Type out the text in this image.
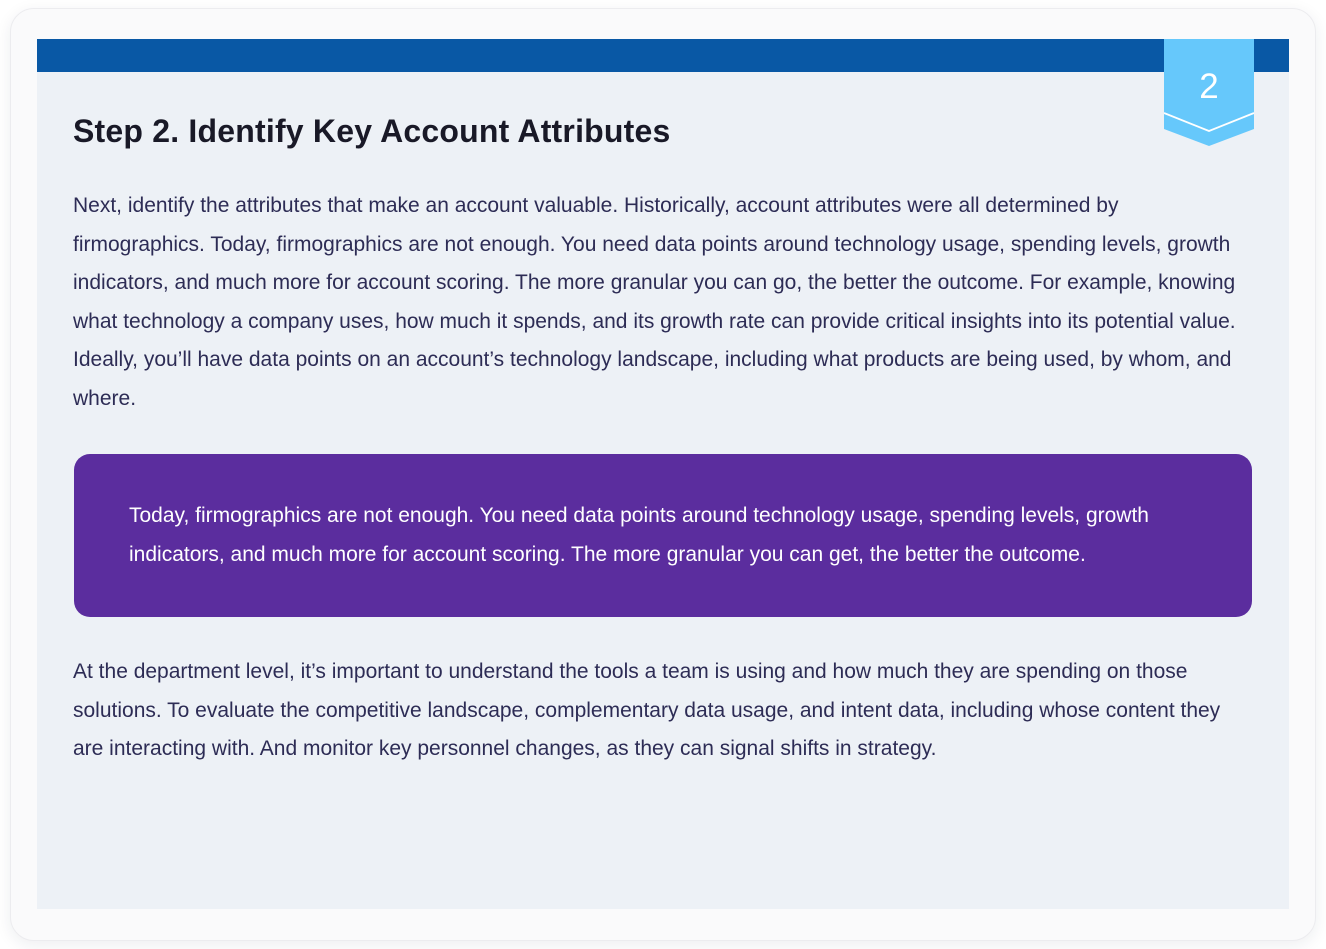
Step 2. Identify Key Account Attributes

Next, identify the attributes that make an account valuable. Historically, account attributes were all determined by firmographics. Today, firmographics are not enough. You need data points around technology usage, spending levels, growth indicators, and much more for account scoring. The more granular you can go, the better the outcome. For example, knowing what technology a company uses, how much it spends, and its growth rate can provide critical insights into its potential value. Ideally, you’ll have data points on an account’s technology landscape, including what products are being used, by whom, and where.

Today, firmographics are not enough. You need data points around technology usage, spending levels, growth indicators, and much more for account scoring. The more granular you can get, the better the outcome.

At the department level, it’s important to understand the tools a team is using and how much they are spending on those solutions. To evaluate the competitive landscape, complementary data usage, and intent data, including whose content they are interacting with. And monitor key personnel changes, as they can signal shifts in strategy.

2
